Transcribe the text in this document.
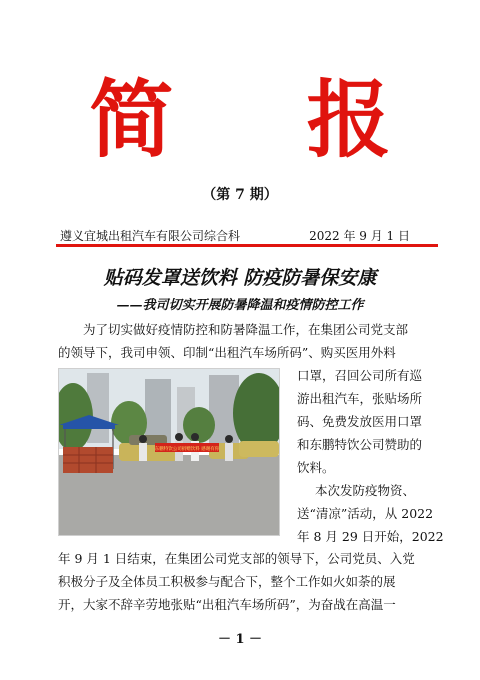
简 报
（第 7 期）
遵义宜城出租汽车有限公司综合科	2022 年 9 月 1 日
贴码发罩送饮料 防疫防暑保安康
——我司切实开展防暑降温和疫情防控工作

为了切实做好疫情防控和防暑降温工作，在集团公司党支部

的领导下，我司申领、印制“出租汽车场所码”、购买医用外料

东鹏特饮公司捐赠饮料 感谢有你

口罩，召回公司所有巡

游出租汽车，张贴场所

码、免费发放医用口罩

和东鹏特饮公司赞助的

饮料。

本次发防疫物资、

送“清凉”活动，从 2022

年 8 月 29 日开始，2022

年 9 月 1 日结束，在集团公司党支部的领导下，公司党员、入党

积极分子及全体员工积极参与配合下，整个工作如火如荼的展

开，大家不辞辛劳地张贴“出租汽车场所码”，为奋战在高温一

－ 1 －
